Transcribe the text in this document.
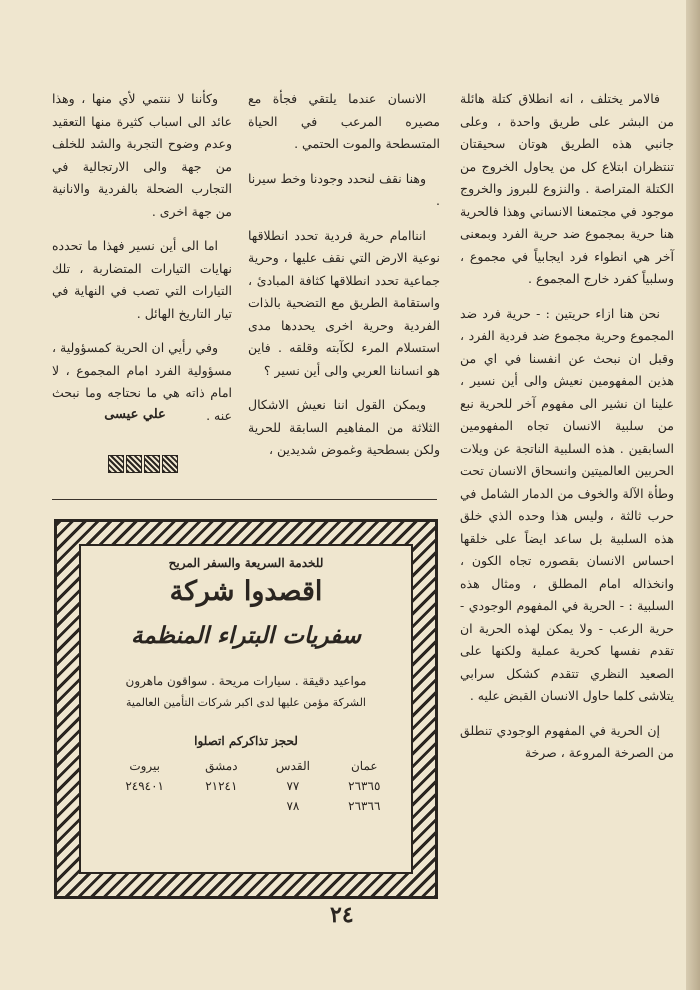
فالامر يختلف ، انه انطلاق كتلة هائلة من البشر على طريق واحدة ، وعلى جانبي هذه الطريق هوتان سحيقتان تنتظران ابتلاع كل من يحاول الخروج من الكتلة المتراصة . والنزوع للبروز والخروج موجود في مجتمعنا الانساني وهذا فالحرية هنا حرية بمجموع ضد حرية الفرد وبمعنى آخر هي انطواء فرد ايجابياً في مجموع ، وسلبياً كفرد خارج المجموع .

نحن هنا ازاء حريتين : - حرية فرد ضد المجموع وحرية مجموع ضد فردية الفرد ، وقبل ان نبحث عن انفسنا في اي من هذين المفهومين نعيش والى أين نسير ، علينا ان نشير الى مفهوم آخر للحرية نبع من سلبية الانسان تجاه المفهومين السابقين . هذه السلبية الناتجة عن ويلات الحربين العالميتين وانسحاق الانسان تحت وطأة الآلة والخوف من الدمار الشامل في حرب ثالثة ، وليس هذا وحده الذي خلق هذه السلبية بل ساعد ايضاً على خلقها احساس الانسان بقصوره تجاه الكون ، وانخذاله امام المطلق ، ومثال هذه السلبية : - الحرية في المفهوم الوجودي - حرية الرعب - ولا يمكن لهذه الحرية ان تقدم نفسها كحرية عملية ولكنها على الصعيد النظري تتقدم كشكل سرابي يتلاشى كلما حاول الانسان القبض عليه .

إن الحرية في المفهوم الوجودي تنطلق من الصرخة المروعة ، صرخة

الانسان عندما يلتقي فجأة مع مصيره المرعب في الحياة المتسطحة والموت الحتمي .

وهنا نقف لنحدد وجودنا وخط سيرنا .

انناامام حرية فردية تحدد انطلاقها نوعية الارض التي نقف عليها ، وحرية جماعية تحدد انطلاقها كثافة المبادئ ، واستقامة الطريق مع التضحية بالذات الفردية وحرية اخرى يحددها مدى استسلام المرء لكآبته وقلقه . فاين هو انساننا العربي والى أين نسير ؟

ويمكن القول اننا نعيش الاشكال الثلاثة من المفاهيم السابقة للحرية ولكن بسطحية وغموض شديدين ،

وكأننا لا ننتمي لأي منها ، وهذا عائد الى اسباب كثيرة منها التعقيد وعدم وضوح التجربة والشد للخلف من جهة والى الارتجالية في التجارب الضحلة بالفردية والانانية من جهة اخرى .

اما الى أين نسير فهذا ما تحدده نهايات التيارات المتضاربة ، تلك التيارات التي تصب في النهاية في تيار التاريخ الهائل .

وفي رأيي ان الحرية كمسؤولية ، مسؤولية الفرد امام المجموع ، لا امام ذاته هي ما نحتاجه وما نبحث عنه .

علي عيسى
للخدمة السريعة والسفر المريح
اقصدوا شركة
سفريات البتراء المنظمة
مواعيد دقيقة . سيارات مريحة . سواقون ماهرون
الشركة مؤمن عليها لدى اكبر شركات التأمين العالمية
لحجز تذاكركم اتصلوا
عمان	القدس	دمشق	بيروت
٢٦٣٦٥	٧٧	٢١٢٤١	٢٤٩٤٠١
٢٦٣٦٦	٧٨		
٢٤
